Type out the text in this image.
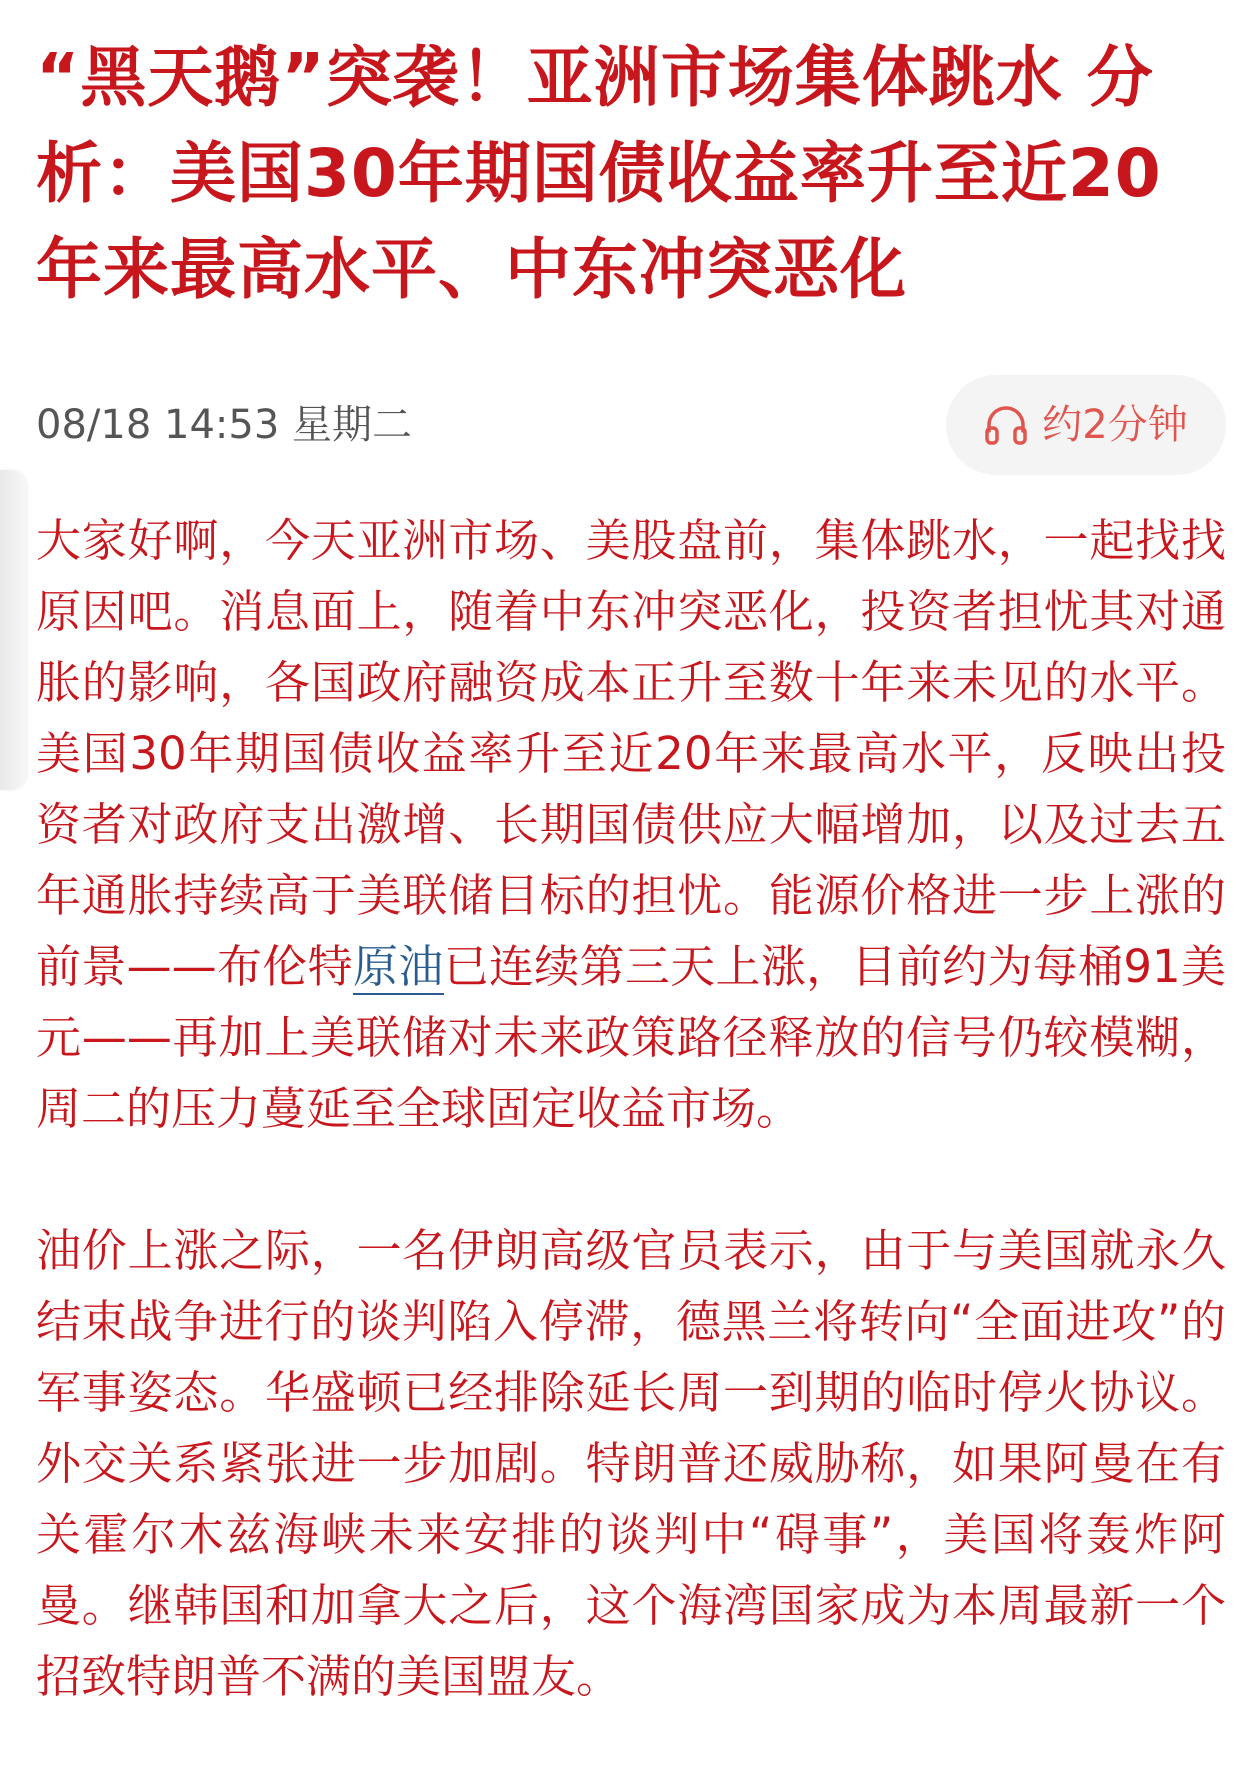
“黑天鹅”突袭！亚洲市场集体跳水 分析：美国30年期国债收益率升至近20年来最高水平、中东冲突恶化
08/18 14:53 星期二	约2分钟

大家好啊，今天亚洲市场、美股盘前，集体跳水，一起找找原因吧。消息面上，随着中东冲突恶化，投资者担忧其对通胀的影响，各国政府融资成本正升至数十年来未见的水平。美国30年期国债收益率升至近20年来最高水平，反映出投资者对政府支出激增、长期国债供应大幅增加，以及过去五年通胀持续高于美联储目标的担忧。能源价格进一步上涨的前景——布伦特原油已连续第三天上涨，目前约为每桶91美元——再加上美联储对未来政策路径释放的信号仍较模糊，周二的压力蔓延至全球固定收益市场。

油价上涨之际，一名伊朗高级官员表示，由于与美国就永久结束战争进行的谈判陷入停滞，德黑兰将转向“全面进攻”的军事姿态。华盛顿已经排除延长周一到期的临时停火协议。外交关系紧张进一步加剧。特朗普还威胁称，如果阿曼在有关霍尔木兹海峡未来安排的谈判中“碍事”，美国将轰炸阿曼。继韩国和加拿大之后，这个海湾国家成为本周最新一个招致特朗普不满的美国盟友。
